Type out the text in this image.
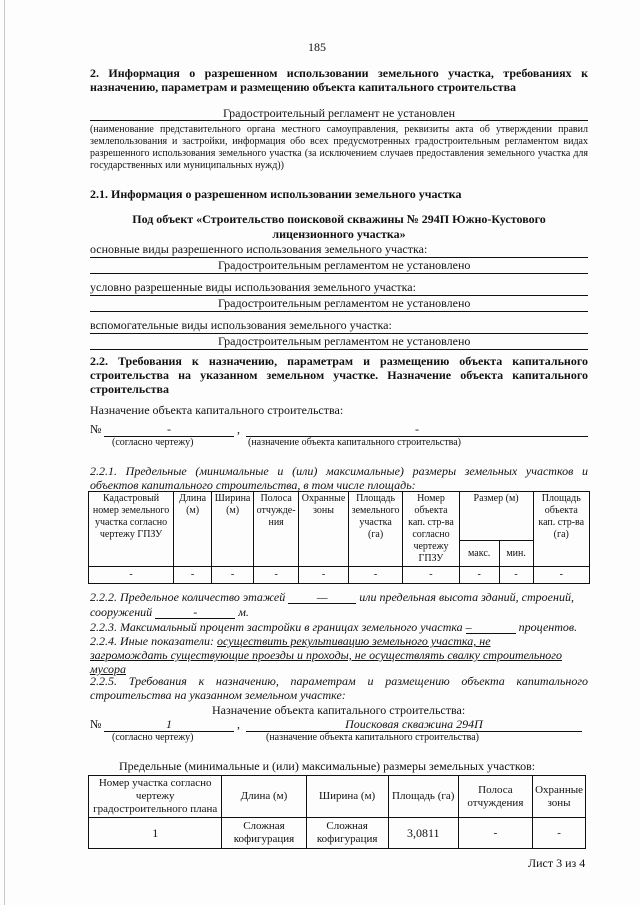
185
2. Информация о разрешенном использовании земельного участка, требованиях к назначению, параметрам и размещению объекта капитального строительства
Градостроительный регламент не установлен
(наименование представительного органа местного самоуправления, реквизиты акта об утверждении правил землепользования и застройки, информация обо всех предусмотренных градостроительным регламентом видах разрешенного использования земельного участка (за исключением случаев предоставления земельного участка для государственных или муниципальных нужд))
2.1. Информация о разрешенном использовании земельного участка
Под объект «Строительство поисковой скважины № 294П Южно-Кустового
лицензионного участка»
основные виды разрешенного использования земельного участка:
Градостроительным регламентом не установлено
условно разрешенные виды использования земельного участка:
Градостроительным регламентом не установлено
вспомогательные виды использования земельного участка:
Градостроительным регламентом не установлено
2.2. Требования к назначению, параметрам и размещению объекта капитального строительства на указанном земельном участке. Назначение объекта капитального строительства
Назначение объекта капитального строительства:
№	-	,	-
(согласно чертежу)	(назначение объекта капитального строительства)
2.2.1. Предельные (минимальные и (или) максимальные) размеры земельных участков и объектов капитального строительства, в том числе площадь:
Кадастровый номер земельного участка согласно чертежу ГПЗУ	Длина (м)	Ширина (м)	Полоса отчужде-ния	Охранные зоны	Площадь земельного участка (га)	Номер объекта кап. стр-ва согласно чертежу ГПЗУ	Размер (м)		Площадь объекта кап. стр-ва (га)
							макс.	мин.	
-	-	-	-	-	-	-	-	-	-
2.2.2. Предельное количество этажей	—	или предельная высота зданий, строений,
сооружений	-	м.
2.2.3. Максимальный процент застройки в границах земельного участка –	процентов.
2.2.4. Иные показатели: осуществить рекультивацию земельного участка, не
загромождать существующие проезды и проходы, не осуществлять свалку строительного
мусора
2.2.5. Требования к назначению, параметрам и размещению объекта капитального строительства на указанном земельном участке:
Назначение объекта капитального строительства:
№	1	,	Поисковая скважина 294П
(согласно чертежу)	(назначение объекта капитального строительства)
Предельные (минимальные и (или) максимальные) размеры земельных участков:
Номер участка согласно чертежу градостроительного плана	Длина (м)	Ширина (м)	Площадь (га)	Полоса отчуждения	Охранные зоны
1	Сложная кофигурация	Сложная кофигурация	3,0811	-	-
Лист 3 из 4
